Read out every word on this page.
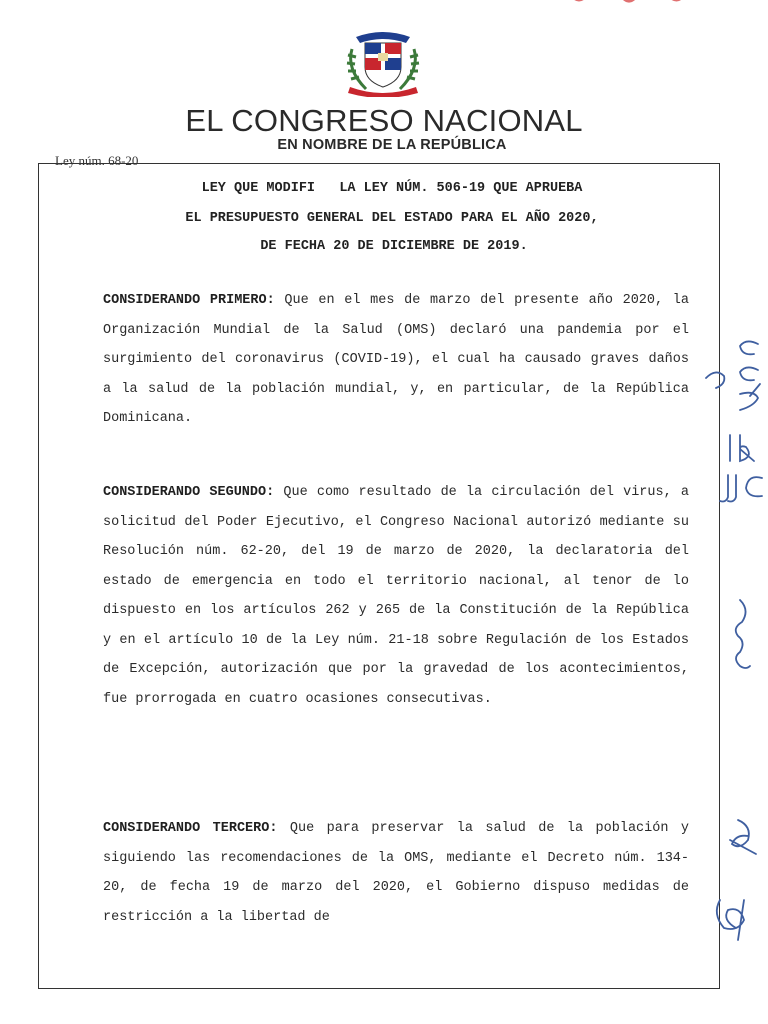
EL CONGRESO NACIONAL
EN NOMBRE DE LA REPÚBLICA
Ley núm. 68-20
LEY QUE MODIFI   LA LEY NÚM. 506-19 QUE APRUEBA
EL PRESUPUESTO GENERAL DEL ESTADO PARA EL AÑO 2020,
DE FECHA 20 DE DICIEMBRE DE 2019.

CONSIDERANDO PRIMERO: Que en el mes de marzo del presente año 2020, la Organización Mundial de la Salud (OMS) declaró una pandemia por el surgimiento del coronavirus (COVID-19), el cual ha causado graves daños a la salud de la población mundial, y, en particular, de la República Dominicana.

CONSIDERANDO SEGUNDO: Que como resultado de la circulación del virus, a solicitud del Poder Ejecutivo, el Congreso Nacional autorizó mediante su Resolución núm. 62-20, del 19 de marzo de 2020, la declaratoria del estado de emergencia en todo el territorio nacional, al tenor de lo dispuesto en los artículos 262 y 265 de la Constitución de la República y en el artículo 10 de la Ley núm. 21-18 sobre Regulación de los Estados de Excepción, autorización que por la gravedad de los acontecimientos, fue prorrogada en cuatro ocasiones consecutivas.

CONSIDERANDO TERCERO: Que para preservar la salud de la población y siguiendo las recomendaciones de la OMS, mediante el Decreto núm. 134-20, de fecha 19 de marzo del 2020, el Gobierno dispuso medidas de restricción a la libertad de
